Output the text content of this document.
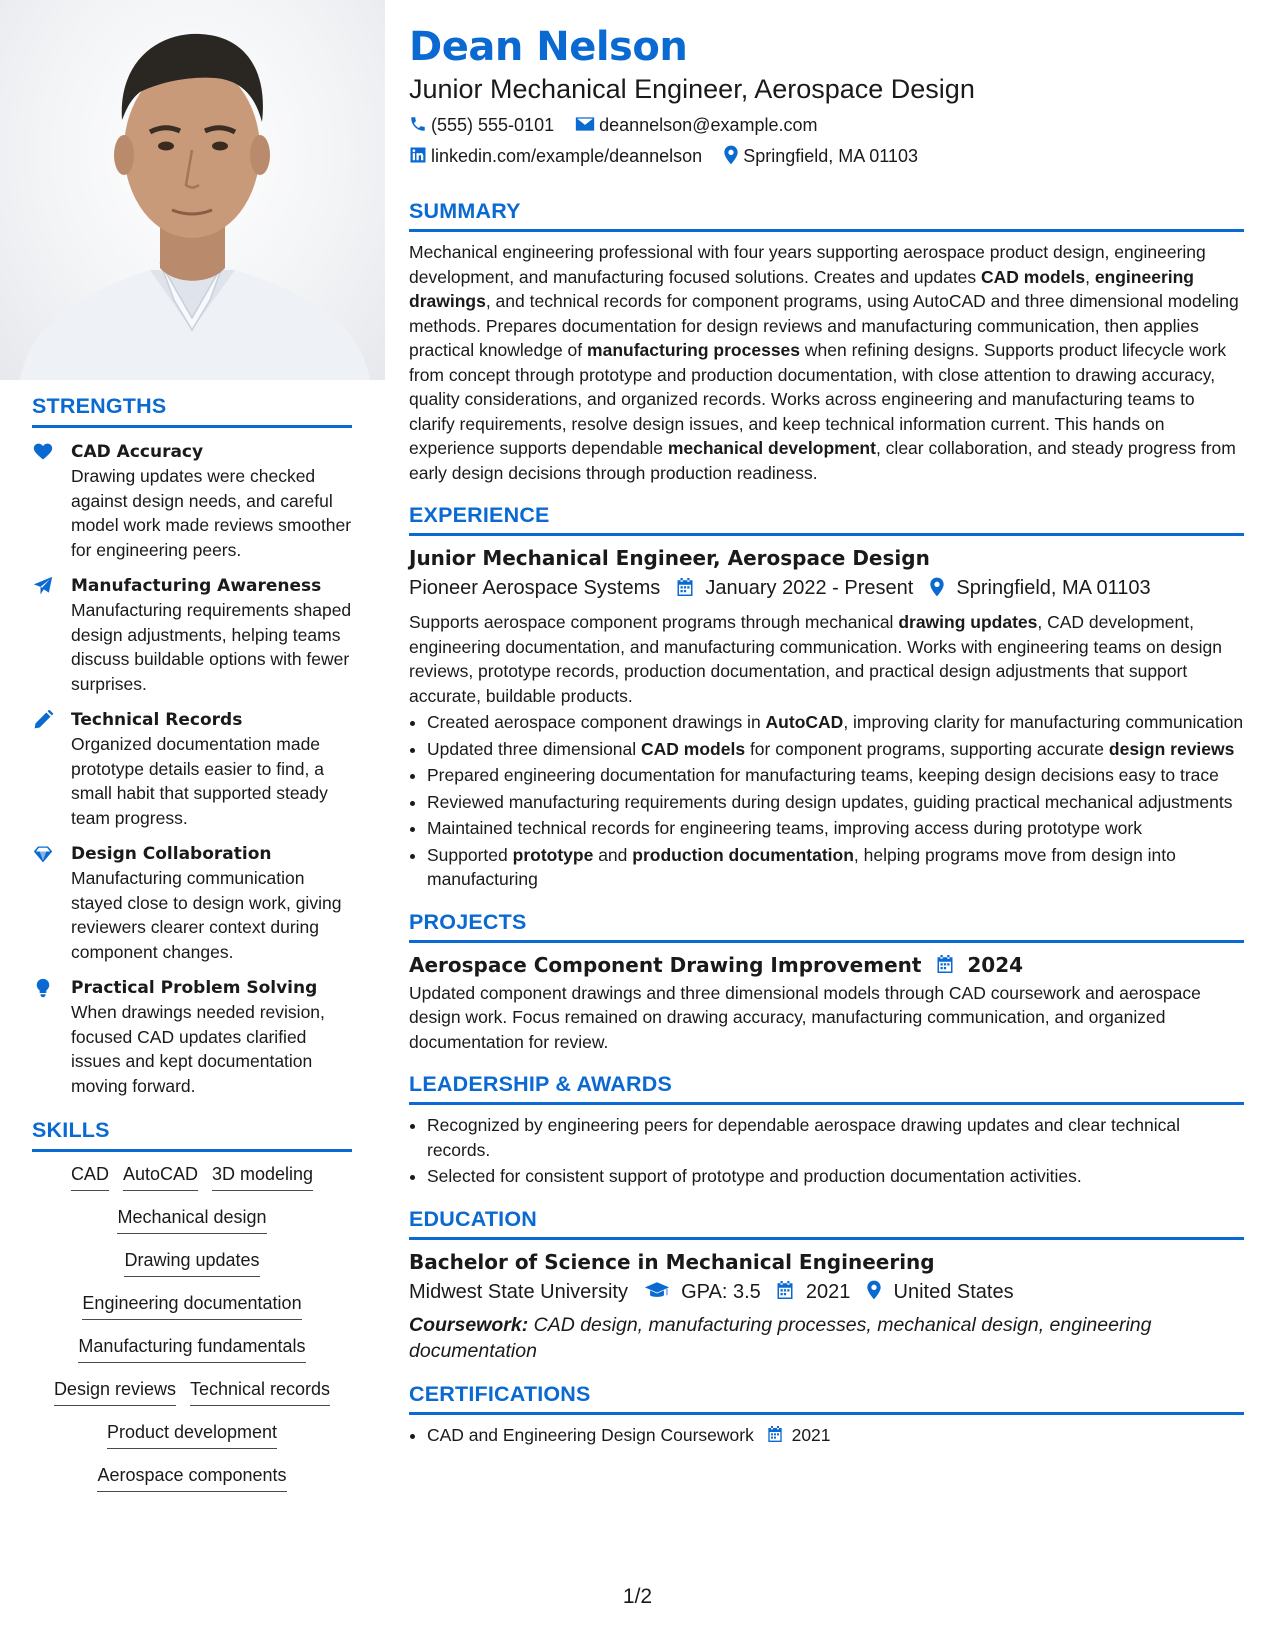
STRENGTHS
CAD Accuracy
Drawing updates were checked against design needs, and careful model work made reviews smoother for engineering peers.
Manufacturing Awareness
Manufacturing requirements shaped design adjustments, helping teams discuss buildable options with fewer surprises.
Technical Records
Organized documentation made prototype details easier to find, a small habit that supported steady team progress.
Design Collaboration
Manufacturing communication stayed close to design work, giving reviewers clearer context during component changes.
Practical Problem Solving
When drawings needed revision, focused CAD updates clarified issues and kept documentation moving forward.
SKILLS
CAD AutoCAD 3D modeling
Mechanical design
Drawing updates
Engineering documentation
Manufacturing fundamentals
Design reviews Technical records
Product development
Aerospace components
Dean Nelson
Junior Mechanical Engineer, Aerospace Design
(555) 555-0101	deannelson@example.com
linkedin.com/example/deannelson Springfield, MA 01103
SUMMARY
Mechanical engineering professional with four years supporting aerospace product design, engineering development, and manufacturing focused solutions. Creates and updates CAD models, engineering drawings, and technical records for component programs, using AutoCAD and three dimensional modeling methods. Prepares documentation for design reviews and manufacturing communication, then applies practical knowledge of manufacturing processes when refining designs. Supports product lifecycle work from concept through prototype and production documentation, with close attention to drawing accuracy, quality considerations, and organized records. Works across engineering and manufacturing teams to clarify requirements, resolve design issues, and keep technical information current. This hands on experience supports dependable mechanical development, clear collaboration, and steady progress from early design decisions through production readiness.
EXPERIENCE
Junior Mechanical Engineer, Aerospace Design
Pioneer Aerospace Systems January 2022 - Present Springfield, MA 01103
Supports aerospace component programs through mechanical drawing updates, CAD development, engineering documentation, and manufacturing communication. Works with engineering teams on design reviews, prototype records, production documentation, and practical design adjustments that support accurate, buildable products.
• Created aerospace component drawings in AutoCAD, improving clarity for manufacturing communication
• Updated three dimensional CAD models for component programs, supporting accurate design reviews
• Prepared engineering documentation for manufacturing teams, keeping design decisions easy to trace
• Reviewed manufacturing requirements during design updates, guiding practical mechanical adjustments
• Maintained technical records for engineering teams, improving access during prototype work
• Supported prototype and production documentation, helping programs move from design into manufacturing
PROJECTS
Aerospace Component Drawing Improvement 2024
Updated component drawings and three dimensional models through CAD coursework and aerospace design work. Focus remained on drawing accuracy, manufacturing communication, and organized documentation for review.
LEADERSHIP & AWARDS
• Recognized by engineering peers for dependable aerospace drawing updates and clear technical records.
• Selected for consistent support of prototype and production documentation activities.
EDUCATION
Bachelor of Science in Mechanical Engineering
Midwest State University	GPA: 3.5 2021 United States
Coursework: CAD design, manufacturing processes, mechanical design, engineering documentation
CERTIFICATIONS
• CAD and Engineering Design Coursework 2021
1/2
